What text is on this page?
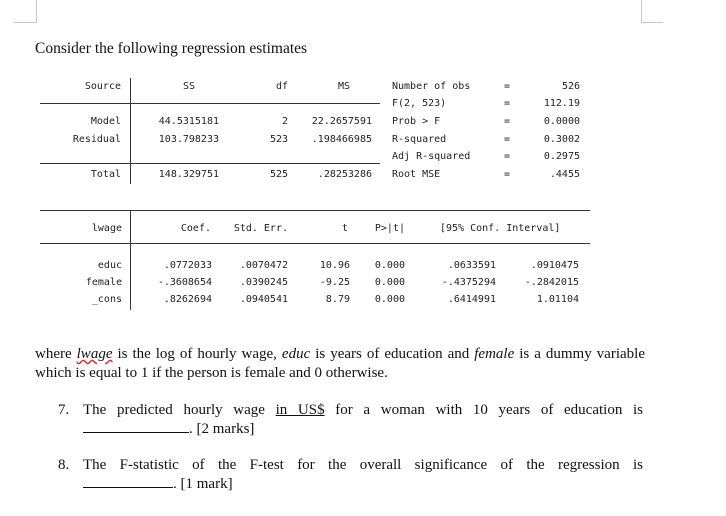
Consider the following regression estimates
Source	SS	df	MS
Model	44.5315181	2	22.2657591
Residual	103.798233	523	.198466985
Total	148.329751	525	.28253286
Number of obs	=	526
F(2, 523)	=	112.19
Prob > F	=	0.0000
R-squared	=	0.3002
Adj R-squared	=	0.2975
Root MSE	=	.4455
lwage	Coef.	Std. Err.	t	P>|t|	[95% Conf. Interval]
educ	.0772033	.0070472	10.96	0.000	.0633591	.0910475
female	-.3608654	.0390245	-9.25	0.000	-.4375294	-.2842015
_cons	.8262694	.0940541	8.79	0.000	.6414991	1.01104
where lwage is the log of hourly wage, educ is years of education and female is a dummy variable which is equal to 1 if the person is female and 0 otherwise.
7. The predicted hourly wage in US$ for a woman with 10 years of education is
. [2 marks]
8. The F-statistic of the F-test for the overall significance of the regression is
. [1 mark]
